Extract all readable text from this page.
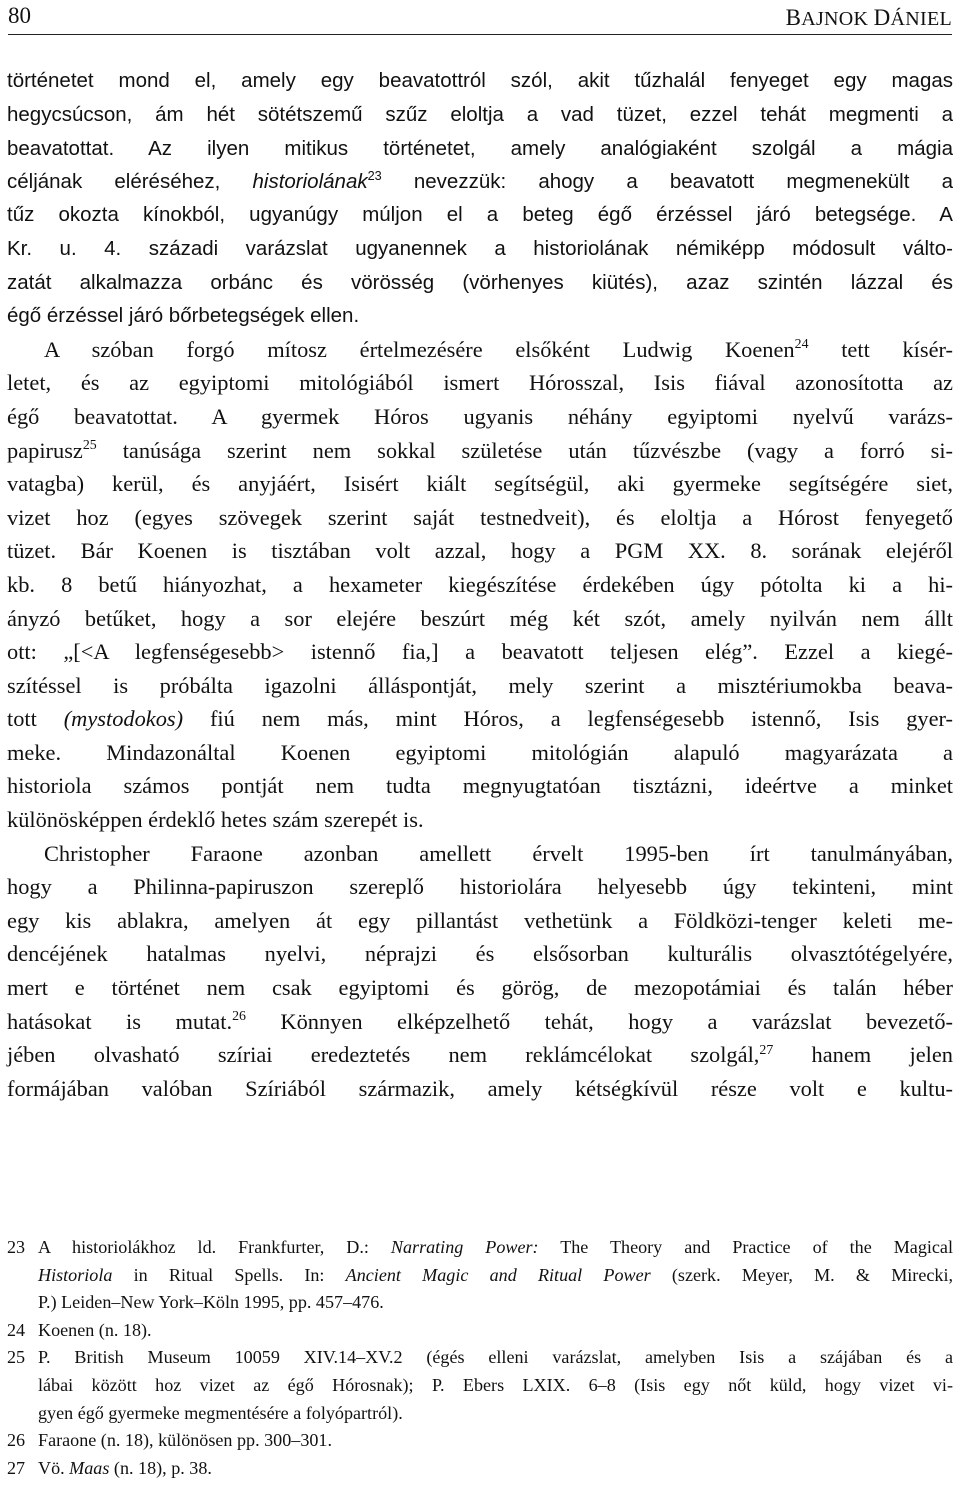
80	BAJNOK DÁNIEL
történetet mond el, amely egy beavatottról szól, akit tűzhalál fenyeget egy magas
hegycsúcson, ám hét sötétszemű szűz eloltja a vad tüzet, ezzel tehát megmenti a
beavatottat. Az ilyen mitikus történetet, amely analógiaként szolgál a mágia
céljának eléréséhez, historiolának$^{23}$ nevezzük: ahogy a beavatott megmenekült a
tűz okozta kínokból, ugyanúgy múljon el a beteg égő érzéssel járó betegsége. A
Kr. u. 4. századi varázslat ugyanennek a historiolának némiképp módosult válto-
zatát alkalmazza orbánc és vörösség (vörhenyes kiütés), azaz szintén lázzal és
égő érzéssel járó bőrbetegségek ellen.
A szóban forgó mítosz értelmezésére elsőként Ludwig Koenen$^{24}$ tett kísér-
letet, és az egyiptomi mitológiából ismert Hórosszal, Isis fiával azonosította az
égő beavatottat. A gyermek Hóros ugyanis néhány egyiptomi nyelvű varázs-
papirusz$^{25}$ tanúsága szerint nem sokkal születése után tűzvészbe (vagy a forró si-
vatagba) kerül, és anyjáért, Isisért kiált segítségül, aki gyermeke segítségére siet,
vizet hoz (egyes szövegek szerint saját testnedveit), és eloltja a Hórost fenyegető
tüzet. Bár Koenen is tisztában volt azzal, hogy a PGM XX. 8. sorának elejéről
kb. 8 betű hiányozhat, a hexameter kiegészítése érdekében úgy pótolta ki a hi-
ányzó betűket, hogy a sor elejére beszúrt még két szót, amely nyilván nem állt
ott: „[<A legfenségesebb> istennő fia,] a beavatott teljesen elég”. Ezzel a kiegé-
szítéssel is próbálta igazolni álláspontját, mely szerint a misztériumokba beava-
tott (mystodokos) fiú nem más, mint Hóros, a legfenségesebb istennő, Isis gyer-
meke. Mindazonáltal Koenen egyiptomi mitológián alapuló magyarázata a
historiola számos pontját nem tudta megnyugtatóan tisztázni, ideértve a minket
különösképpen érdeklő hetes szám szerepét is.
Christopher Faraone azonban amellett érvelt 1995-ben írt tanulmányában,
hogy a Philinna-papiruszon szereplő historiolára helyesebb úgy tekinteni, mint
egy kis ablakra, amelyen át egy pillantást vethetünk a Földközi-tenger keleti me-
dencéjének hatalmas nyelvi, néprajzi és elsősorban kulturális olvasztótégelyére,
mert e történet nem csak egyiptomi és görög, de mezopotámiai és talán héber
hatásokat is mutat.$^{26}$ Könnyen elképzelhető tehát, hogy a varázslat bevezető-
jében olvasható szíriai eredeztetés nem reklámcélokat szolgál,$^{27}$ hanem jelen
formájában valóban Szíriából származik, amely kétségkívül része volt e kultu-
23 A historiolákhoz ld. Frankfurter, D.: Narrating Power: The Theory and Practice of the Magical
Historiola in Ritual Spells. In: Ancient Magic and Ritual Power (szerk. Meyer, M. & Mirecki,
P.) Leiden–New York–Köln 1995, pp. 457–476.
24 Koenen (n. 18).
25 P. British Museum 10059 XIV.14–XV.2 (égés elleni varázslat, amelyben Isis a szájában és a
lábai között hoz vizet az égő Hórosnak); P. Ebers LXIX. 6–8 (Isis egy nőt küld, hogy vizet vi-
gyen égő gyermeke megmentésére a folyópartról).
26 Faraone (n. 18), különösen pp. 300–301.
27 Vö. Maas (n. 18), p. 38.
